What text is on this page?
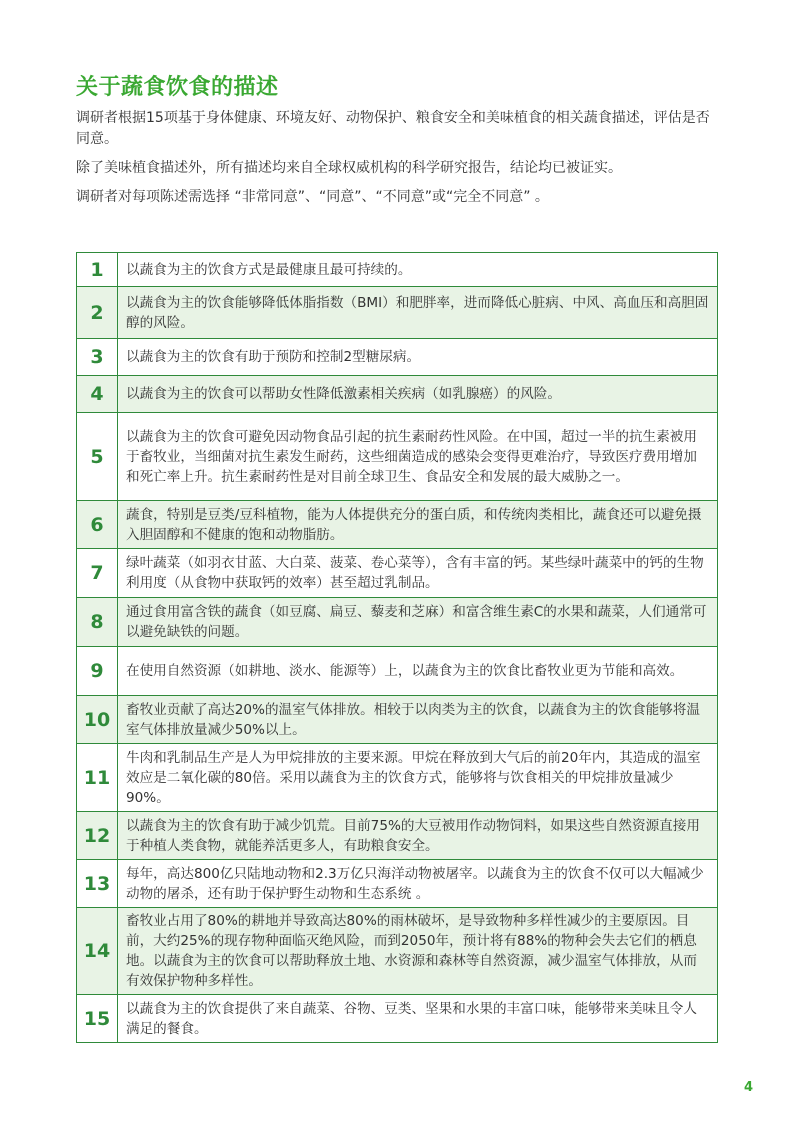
关于蔬食饮食的描述

调研者根据15项基于身体健康、环境友好、动物保护、粮食安全和美味植食的相关蔬食描述，评估是否同意。

除了美味植食描述外，所有描述均来自全球权威机构的科学研究报告，结论均已被证实。

调研者对每项陈述需选择 “非常同意”、“同意”、“不同意”或“完全不同意” 。

1	以蔬食为主的饮食方式是最健康且最可持续的。
2	以蔬食为主的饮食能够降低体脂指数（BMI）和肥胖率，进而降低心脏病、中风、高血压和高胆固醇的风险。
3	以蔬食为主的饮食有助于预防和控制2型糖尿病。
4	以蔬食为主的饮食可以帮助女性降低激素相关疾病（如乳腺癌）的风险。
5	以蔬食为主的饮食可避免因动物食品引起的抗生素耐药性风险。在中国，超过一半的抗生素被用于畜牧业，当细菌对抗生素发生耐药，这些细菌造成的感染会变得更难治疗，导致医疗费用增加和死亡率上升。抗生素耐药性是对目前全球卫生、食品安全和发展的最大威胁之一。
6	蔬食，特别是豆类/豆科植物，能为人体提供充分的蛋白质，和传统肉类相比，蔬食还可以避免摄入胆固醇和不健康的饱和动物脂肪。
7	绿叶蔬菜（如羽衣甘蓝、大白菜、菠菜、卷心菜等），含有丰富的钙。某些绿叶蔬菜中的钙的生物利用度（从食物中获取钙的效率）甚至超过乳制品。
8	通过食用富含铁的蔬食（如豆腐、扁豆、藜麦和芝麻）和富含维生素C的水果和蔬菜，人们通常可以避免缺铁的问题。
9	在使用自然资源（如耕地、淡水、能源等）上，以蔬食为主的饮食比畜牧业更为节能和高效。
10	畜牧业贡献了高达20%的温室气体排放。相较于以肉类为主的饮食，以蔬食为主的饮食能够将温室气体排放量减少50%以上。
11	牛肉和乳制品生产是人为甲烷排放的主要来源。甲烷在释放到大气后的前20年内，其造成的温室效应是二氧化碳的80倍。采用以蔬食为主的饮食方式，能够将与饮食相关的甲烷排放量减少90%。
12	以蔬食为主的饮食有助于减少饥荒。目前75%的大豆被用作动物饲料，如果这些自然资源直接用于种植人类食物，就能养活更多人，有助粮食安全。
13	每年，高达800亿只陆地动物和2.3万亿只海洋动物被屠宰。以蔬食为主的饮食不仅可以大幅减少动物的屠杀，还有助于保护野生动物和生态系统 。
14	畜牧业占用了80%的耕地并导致高达80%的雨林破坏，是导致物种多样性减少的主要原因。目前，大约25%的现存物种面临灭绝风险，而到2050年，预计将有88%的物种会失去它们的栖息地。以蔬食为主的饮食可以帮助释放土地、水资源和森林等自然资源，减少温室气体排放，从而有效保护物种多样性。
15	以蔬食为主的饮食提供了来自蔬菜、谷物、豆类、坚果和水果的丰富口味，能够带来美味且令人满足的餐食。
4
